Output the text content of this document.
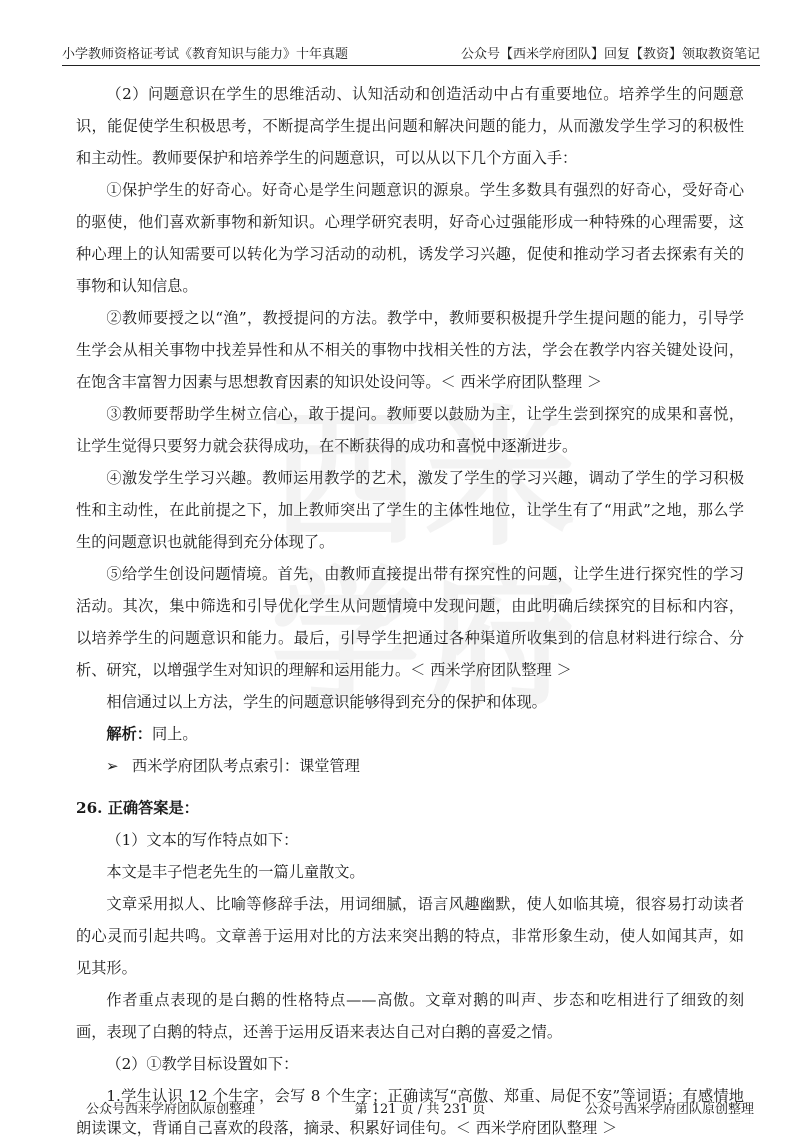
小学教师资格证考试《教育知识与能力》十年真题	公众号【西米学府团队】回复【教资】领取教资笔记

（2）问题意识在学生的思维活动、认知活动和创造活动中占有重要地位。培养学生的问题意识，能促使学生积极思考，不断提高学生提出问题和解决问题的能力，从而激发学生学习的积极性和主动性。教师要保护和培养学生的问题意识，可以从以下几个方面入手：

①保护学生的好奇心。好奇心是学生问题意识的源泉。学生多数具有强烈的好奇心，受好奇心的驱使，他们喜欢新事物和新知识。心理学研究表明，好奇心过强能形成一种特殊的心理需要，这种心理上的认知需要可以转化为学习活动的动机，诱发学习兴趣，促使和推动学习者去探索有关的事物和认知信息。

②教师要授之以“渔”，教授提问的方法。教学中，教师要积极提升学生提问题的能力，引导学生学会从相关事物中找差异性和从不相关的事物中找相关性的方法，学会在教学内容关键处设问，在饱含丰富智力因素与思想教育因素的知识处设问等。＜ 西米学府团队整理 ＞

③教师要帮助学生树立信心，敢于提问。教师要以鼓励为主，让学生尝到探究的成果和喜悦，让学生觉得只要努力就会获得成功，在不断获得的成功和喜悦中逐渐进步。

④激发学生学习兴趣。教师运用教学的艺术，激发了学生的学习兴趣，调动了学生的学习积极性和主动性，在此前提之下，加上教师突出了学生的主体性地位，让学生有了“用武”之地，那么学生的问题意识也就能得到充分体现了。

⑤给学生创设问题情境。首先，由教师直接提出带有探究性的问题，让学生进行探究性的学习活动。其次，集中筛选和引导优化学生从问题情境中发现问题，由此明确后续探究的目标和内容，以培养学生的问题意识和能力。最后，引导学生把通过各种渠道所收集到的信息材料进行综合、分析、研究，以增强学生对知识的理解和运用能力。＜ 西米学府团队整理 ＞

相信通过以上方法，学生的问题意识能够得到充分的保护和体现。

解析：同上。

➢ 西米学府团队考点索引：课堂管理

26. 正确答案是：

（1）文本的写作特点如下：

本文是丰子恺老先生的一篇儿童散文。

文章采用拟人、比喻等修辞手法，用词细腻，语言风趣幽默，使人如临其境，很容易打动读者的心灵而引起共鸣。文章善于运用对比的方法来突出鹅的特点，非常形象生动，使人如闻其声，如见其形。

作者重点表现的是白鹅的性格特点——高傲。文章对鹅的叫声、步态和吃相进行了细致的刻画，表现了白鹅的特点，还善于运用反语来表达自己对白鹅的喜爱之情。

（2）①教学目标设置如下：

1.学生认识 12 个生字，会写 8 个生字；正确读写“高傲、郑重、局促不安”等词语；有感情地朗读课文，背诵自己喜欢的段落，摘录、积累好词佳句。＜ 西米学府团队整理 ＞

公众号西米学府团队原创整理	第 121 页 / 共 231 页	公众号西米学府团队原创整理
